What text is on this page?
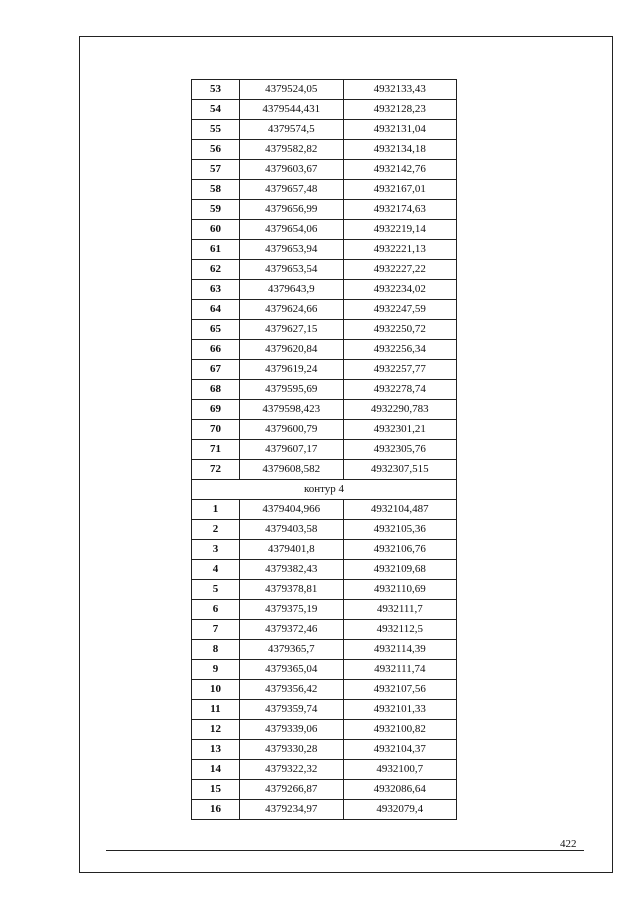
53	4379524,05	4932133,43
54	4379544,431	4932128,23
55	4379574,5	4932131,04
56	4379582,82	4932134,18
57	4379603,67	4932142,76
58	4379657,48	4932167,01
59	4379656,99	4932174,63
60	4379654,06	4932219,14
61	4379653,94	4932221,13
62	4379653,54	4932227,22
63	4379643,9	4932234,02
64	4379624,66	4932247,59
65	4379627,15	4932250,72
66	4379620,84	4932256,34
67	4379619,24	4932257,77
68	4379595,69	4932278,74
69	4379598,423	4932290,783
70	4379600,79	4932301,21
71	4379607,17	4932305,76
72	4379608,582	4932307,515
контур 4		
1	4379404,966	4932104,487
2	4379403,58	4932105,36
3	4379401,8	4932106,76
4	4379382,43	4932109,68
5	4379378,81	4932110,69
6	4379375,19	4932111,7
7	4379372,46	4932112,5
8	4379365,7	4932114,39
9	4379365,04	4932111,74
10	4379356,42	4932107,56
11	4379359,74	4932101,33
12	4379339,06	4932100,82
13	4379330,28	4932104,37
14	4379322,32	4932100,7
15	4379266,87	4932086,64
16	4379234,97	4932079,4
422
